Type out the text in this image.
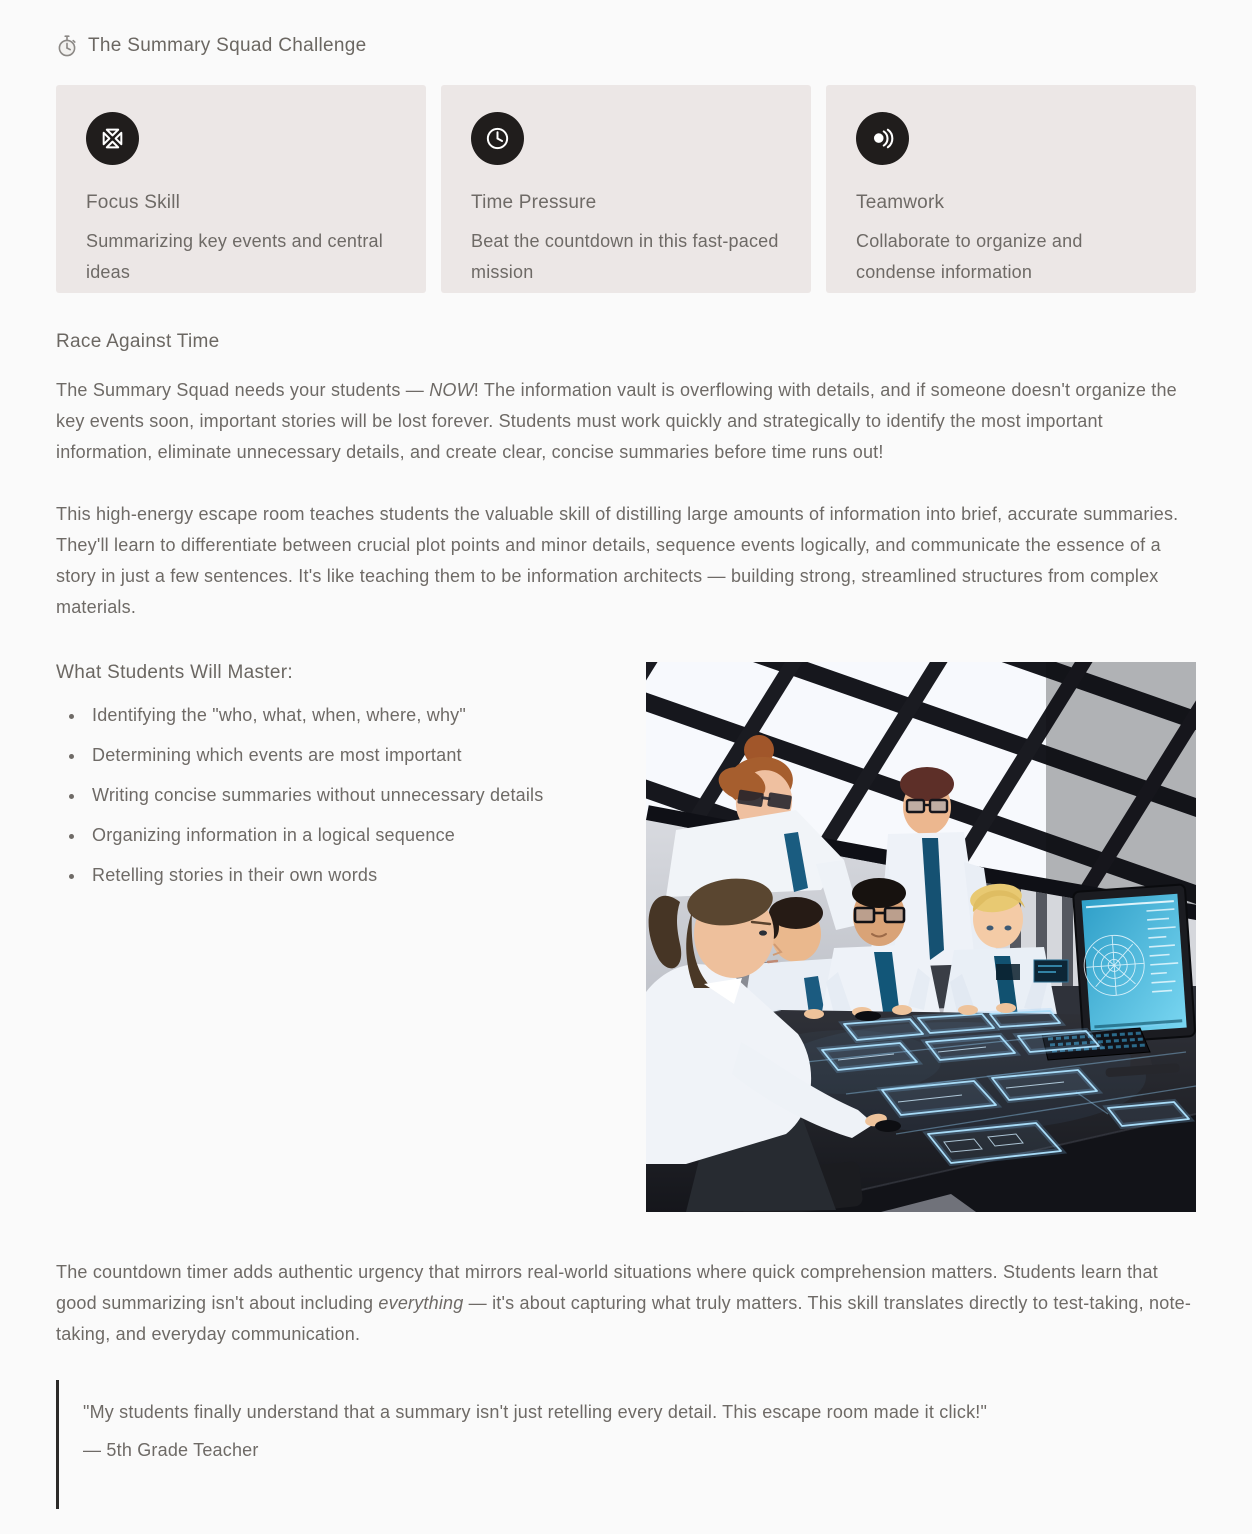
The Summary Squad Challenge
Focus Skill

Summarizing key events and central ideas

Time Pressure

Beat the countdown in this fast-paced mission

Teamwork

Collaborate to organize and condense information

Race Against Time

The Summary Squad needs your students — NOW! The information vault is overflowing with details, and if someone doesn't organize the key events soon, important stories will be lost forever. Students must work quickly and strategically to identify the most important information, eliminate unnecessary details, and create clear, concise summaries before time runs out!

This high-energy escape room teaches students the valuable skill of distilling large amounts of information into brief, accurate summaries. They'll learn to differentiate between crucial plot points and minor details, sequence events logically, and communicate the essence of a story in just a few sentences. It's like teaching them to be information architects — building strong, streamlined structures from complex materials.

What Students Will Master:
• Identifying the "who, what, when, where, why"
• Determining which events are most important
• Writing concise summaries without unnecessary details
• Organizing information in a logical sequence
• Retelling stories in their own words

The countdown timer adds authentic urgency that mirrors real-world situations where quick comprehension matters. Students learn that good summarizing isn't about including everything — it's about capturing what truly matters. This skill translates directly to test-taking, note-taking, and everyday communication.

"My students finally understand that a summary isn't just retelling every detail. This escape room made it click!"
— 5th Grade Teacher
